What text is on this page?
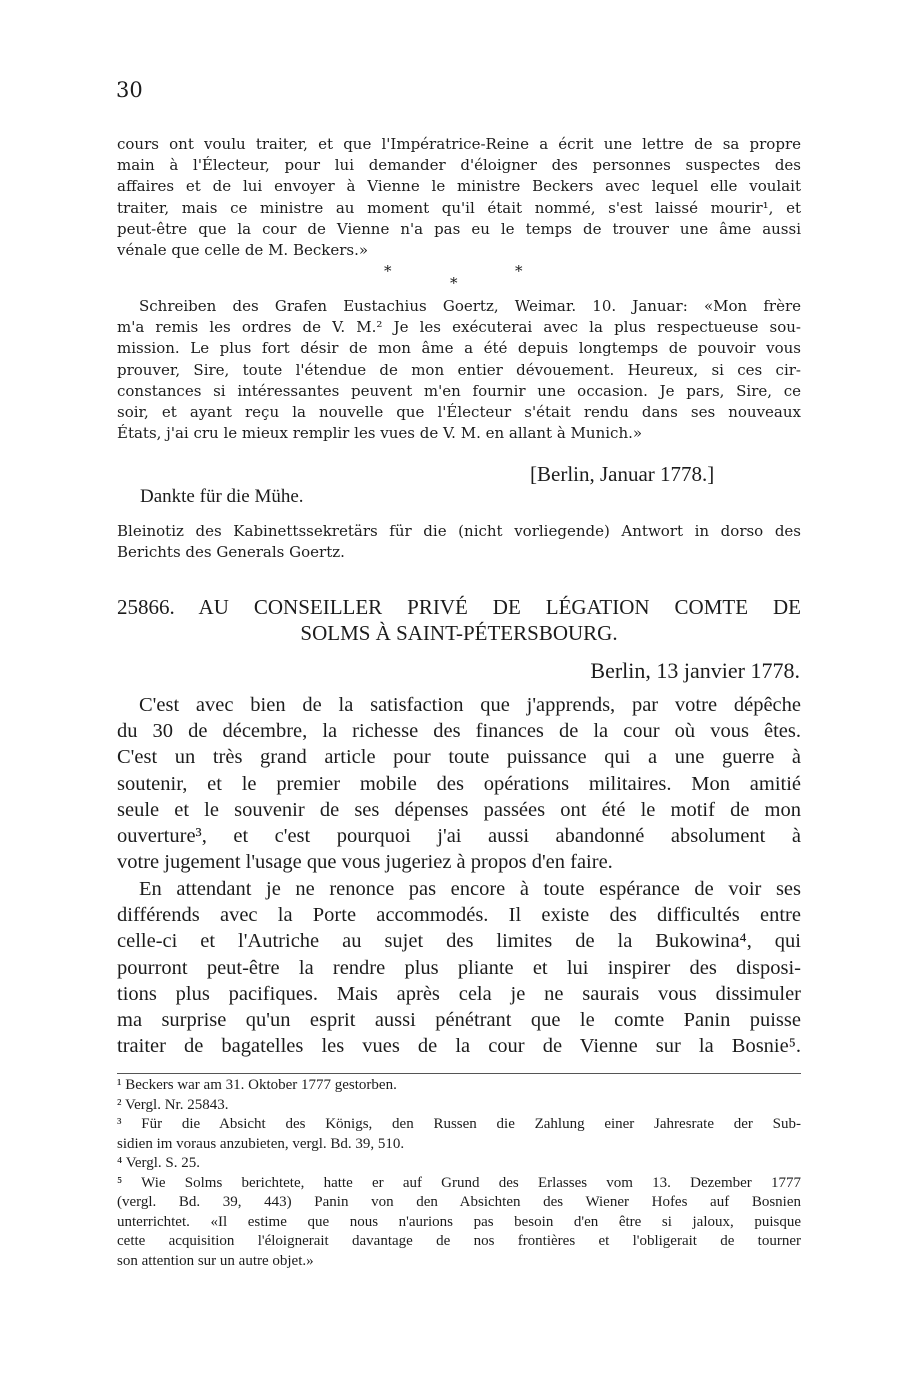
30
cours ont voulu traiter, et que l'Impératrice-Reine a écrit une lettre de sa propre
main à l'Électeur, pour lui demander d'éloigner des personnes suspectes des
affaires et de lui envoyer à Vienne le ministre Beckers avec lequel elle voulait
traiter, mais ce ministre au moment qu'il était nommé, s'est laissé mourir¹, et
peut-être que la cour de Vienne n'a pas eu le temps de trouver une âme aussi
vénale que celle de M. Beckers.»
*
*
*
Schreiben des Grafen Eustachius Goertz, Weimar. 10. Januar: «Mon frère
m'a remis les ordres de V. M.² Je les exécuterai avec la plus respectueuse sou-
mission. Le plus fort désir de mon âme a été depuis longtemps de pouvoir vous
prouver, Sire, toute l'étendue de mon entier dévouement. Heureux, si ces cir-
constances si intéressantes peuvent m'en fournir une occasion. Je pars, Sire, ce
soir, et ayant reçu la nouvelle que l'Électeur s'était rendu dans ses nouveaux
États, j'ai cru le mieux remplir les vues de V. M. en allant à Munich.»
[Berlin, Januar 1778.]
Dankte für die Mühe.
Bleinotiz des Kabinettssekretärs für die (nicht vorliegende) Antwort in dorso des
Berichts des Generals Goertz.
25866. AU CONSEILLER PRIVÉ DE LÉGATION COMTE DE
SOLMS À SAINT-PÉTERSBOURG.
Berlin, 13 janvier 1778.
C'est avec bien de la satisfaction que j'apprends, par votre dépêche
du 30 de décembre, la richesse des finances de la cour où vous êtes.
C'est un très grand article pour toute puissance qui a une guerre à
soutenir, et le premier mobile des opérations militaires. Mon amitié
seule et le souvenir de ses dépenses passées ont été le motif de mon
ouverture³, et c'est pourquoi j'ai aussi abandonné absolument à
votre jugement l'usage que vous jugeriez à propos d'en faire.
En attendant je ne renonce pas encore à toute espérance de voir ses
différends avec la Porte accommodés. Il existe des difficultés entre
celle-ci et l'Autriche au sujet des limites de la Bukowina⁴, qui
pourront peut-être la rendre plus pliante et lui inspirer des disposi-
tions plus pacifiques. Mais après cela je ne saurais vous dissimuler
ma surprise qu'un esprit aussi pénétrant que le comte Panin puisse
traiter de bagatelles les vues de la cour de Vienne sur la Bosnie⁵.
¹ Beckers war am 31. Oktober 1777 gestorben.
² Vergl. Nr. 25843.
³ Für die Absicht des Königs, den Russen die Zahlung einer Jahresrate der Sub-
sidien im voraus anzubieten, vergl. Bd. 39, 510.
⁴ Vergl. S. 25.
⁵ Wie Solms berichtete, hatte er auf Grund des Erlasses vom 13. Dezember 1777
(vergl. Bd. 39, 443) Panin von den Absichten des Wiener Hofes auf Bosnien
unterrichtet. «Il estime que nous n'aurions pas besoin d'en être si jaloux, puisque
cette acquisition l'éloignerait davantage de nos frontières et l'obligerait de tourner
son attention sur un autre objet.»
